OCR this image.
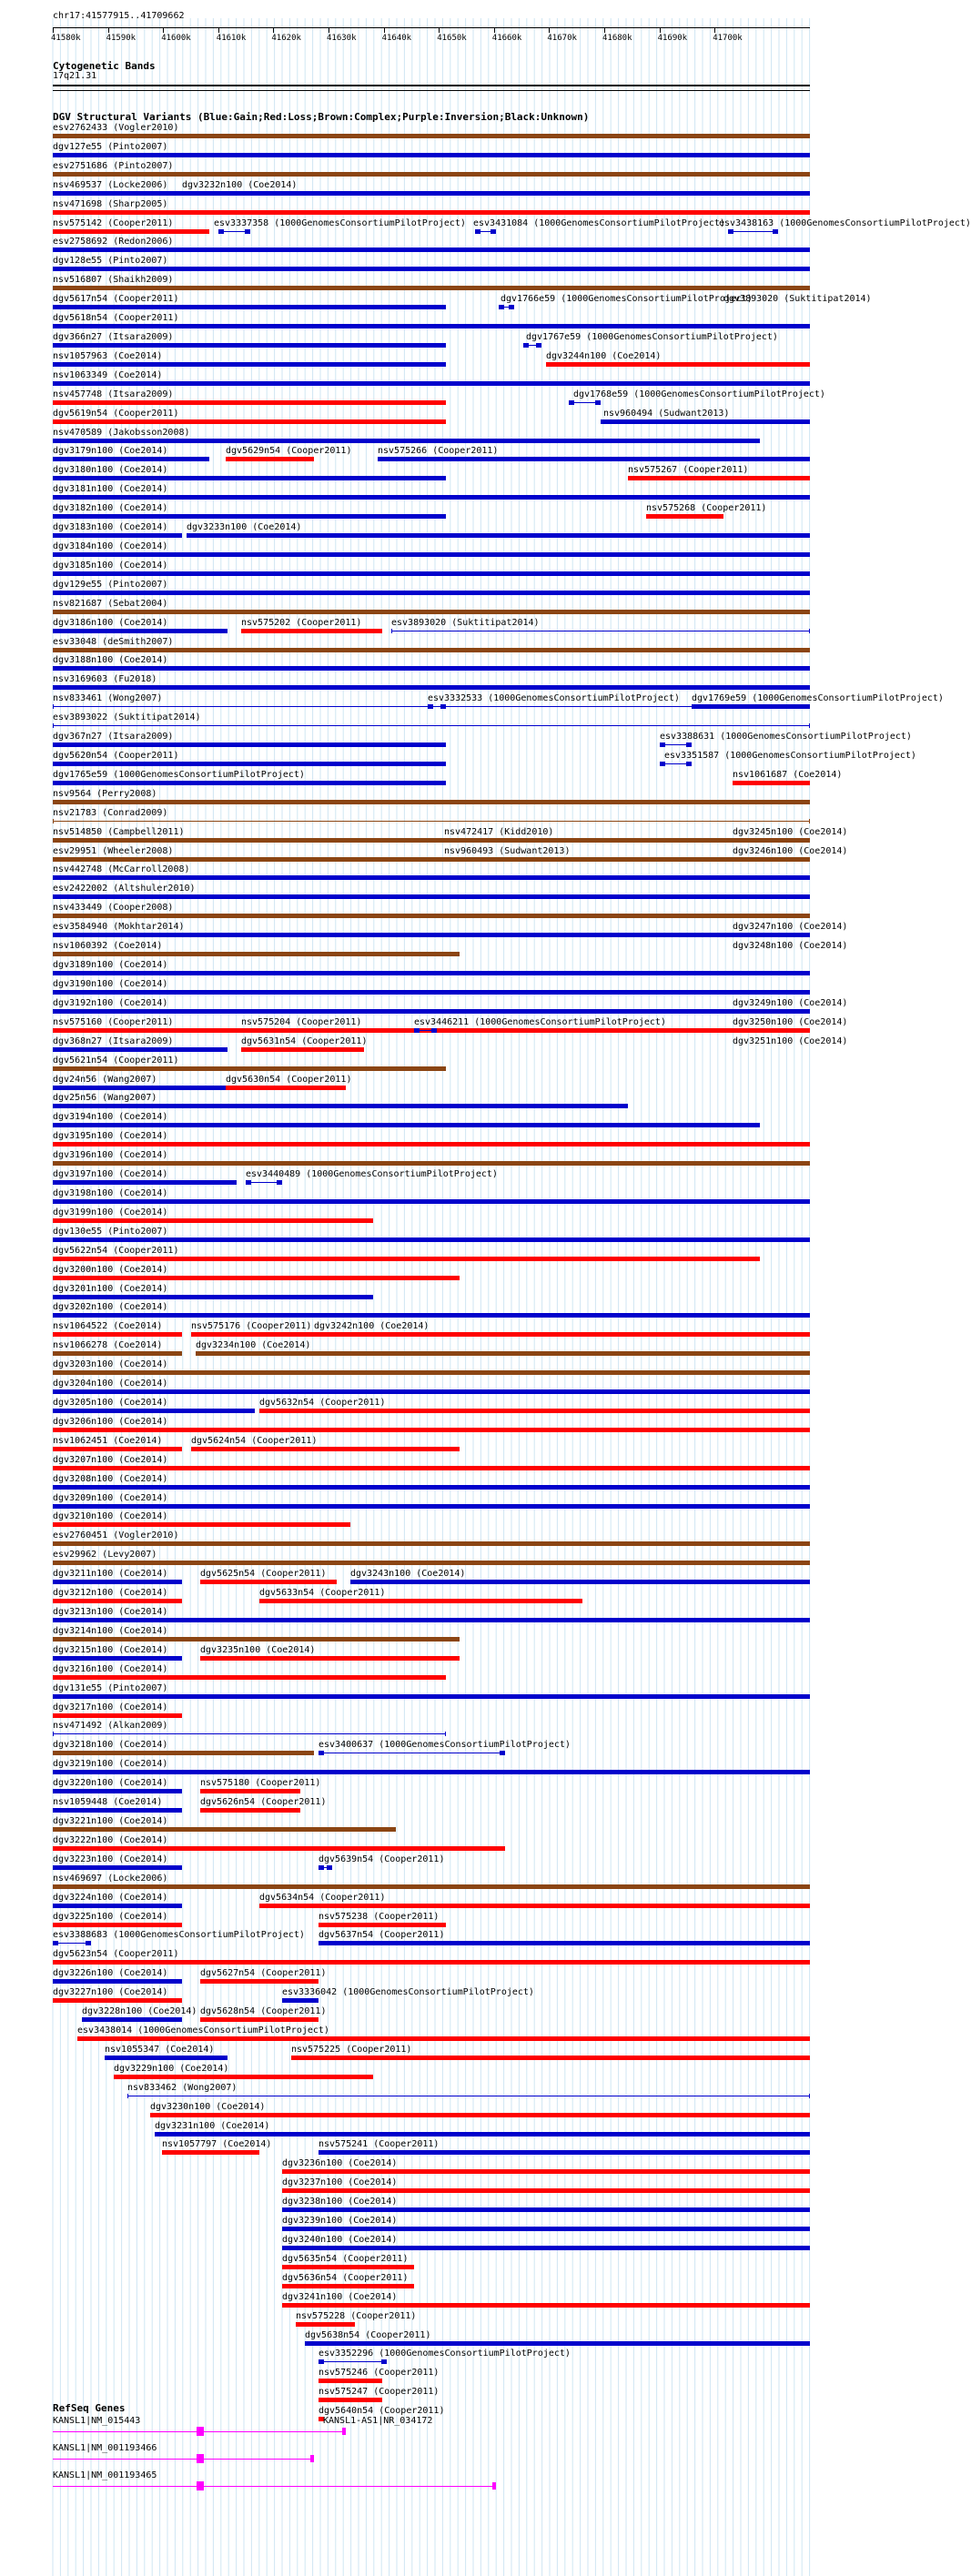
chr17:41577915..41709662
41580k	41590k	41600k	41610k	41620k	41630k	41640k	41650k	41660k	41670k	41680k	41690k	41700k
Cytogenetic Bands
17q21.31
DGV Structural Variants (Blue:Gain;Red:Loss;Brown:Complex;Purple:Inversion;Black:Unknown)
esv2762433 (Vogler2010)
dgv127e55 (Pinto2007)
esv2751686 (Pinto2007)
nsv469537 (Locke2006) dgv3232n100 (Coe2014)
nsv471698 (Sharp2005)
nsv575142 (Cooper2011)	esv3337358 (1000GenomesConsortiumPilotProject) esv3431084 (1000GenomesConsortiumPilotProject)
esv3438163 (1000GenomesConsortiumPilotProject)
esv2758692 (Redon2006)
dgv128e55 (Pinto2007)
nsv516807 (Shaikh2009)
dgv5617n54 (Cooper2011)	dgv1766e59 (1000GenomesConsortiumPilotProject)
dgv3893020 (Suktitipat2014)
dgv5618n54 (Cooper2011)
dgv366n27 (Itsara2009)	dgv1767e59 (1000GenomesConsortiumPilotProject)
nsv1057963 (Coe2014)	dgv3244n100 (Coe2014)
nsv1063349 (Coe2014)
nsv457748 (Itsara2009)	dgv1768e59 (1000GenomesConsortiumPilotProject)
dgv5619n54 (Cooper2011)	nsv960494 (Sudwant2013)
nsv470589 (Jakobsson2008)
dgv3179n100 (Coe2014)	dgv5629n54 (Cooper2011)	nsv575266 (Cooper2011)
dgv3180n100 (Coe2014)	nsv575267 (Cooper2011)
dgv3181n100 (Coe2014)
dgv3182n100 (Coe2014)	nsv575268 (Cooper2011)
dgv3183n100 (Coe2014) dgv3233n100 (Coe2014)
dgv3184n100 (Coe2014)
dgv3185n100 (Coe2014)
dgv129e55 (Pinto2007)
nsv821687 (Sebat2004)
dgv3186n100 (Coe2014)	nsv575202 (Cooper2011)	esv3893020 (Suktitipat2014)
esv33048 (deSmith2007)
dgv3188n100 (Coe2014)
nsv3169603 (Fu2018)
nsv833461 (Wong2007)	esv3332533 (1000GenomesConsortiumPilotProject) dgv1769e59 (1000GenomesConsortiumPilotProject)
esv3893022 (Suktitipat2014)
dgv367n27 (Itsara2009)	esv3388631 (1000GenomesConsortiumPilotProject)
dgv5620n54 (Cooper2011)	esv3351587 (1000GenomesConsortiumPilotProject)
dgv1765e59 (1000GenomesConsortiumPilotProject)	nsv1061687 (Coe2014)
nsv9564 (Perry2008)
nsv21783 (Conrad2009)
nsv514850 (Campbell2011)	nsv472417 (Kidd2010)	dgv3245n100 (Coe2014)
esv29951 (Wheeler2008)	nsv960493 (Sudwant2013)	dgv3246n100 (Coe2014)
nsv442748 (McCarroll2008)
esv2422002 (Altshuler2010)
nsv433449 (Cooper2008)
esv3584940 (Mokhtar2014)	dgv3247n100 (Coe2014)
nsv1060392 (Coe2014)	dgv3248n100 (Coe2014)
dgv3189n100 (Coe2014)
dgv3190n100 (Coe2014)
dgv3192n100 (Coe2014)	dgv3249n100 (Coe2014)
nsv575160 (Cooper2011)	nsv575204 (Cooper2011)	esv3446211 (1000GenomesConsortiumPilotProject)	dgv3250n100 (Coe2014)
dgv368n27 (Itsara2009)	dgv5631n54 (Cooper2011)	dgv3251n100 (Coe2014)
dgv5621n54 (Cooper2011)
dgv24n56 (Wang2007)	dgv5630n54 (Cooper2011)
dgv25n56 (Wang2007)
dgv3194n100 (Coe2014)
dgv3195n100 (Coe2014)
dgv3196n100 (Coe2014)
dgv3197n100 (Coe2014)	esv3440489 (1000GenomesConsortiumPilotProject)
dgv3198n100 (Coe2014)
dgv3199n100 (Coe2014)
dgv130e55 (Pinto2007)
dgv5622n54 (Cooper2011)
dgv3200n100 (Coe2014)
dgv3201n100 (Coe2014)
dgv3202n100 (Coe2014)
nsv1064522 (Coe2014)	nsv575176 (Cooper2011) dgv3242n100 (Coe2014)
nsv1066278 (Coe2014)	dgv3234n100 (Coe2014)
dgv3203n100 (Coe2014)
dgv3204n100 (Coe2014)
dgv3205n100 (Coe2014)	dgv5632n54 (Cooper2011)
dgv3206n100 (Coe2014)
nsv1062451 (Coe2014)	dgv5624n54 (Cooper2011)
dgv3207n100 (Coe2014)
dgv3208n100 (Coe2014)
dgv3209n100 (Coe2014)
dgv3210n100 (Coe2014)
esv2760451 (Vogler2010)
esv29962 (Levy2007)
dgv3211n100 (Coe2014)	dgv5625n54 (Cooper2011)	dgv3243n100 (Coe2014)
dgv3212n100 (Coe2014)	dgv5633n54 (Cooper2011)
dgv3213n100 (Coe2014)
dgv3214n100 (Coe2014)
dgv3215n100 (Coe2014)	dgv3235n100 (Coe2014)
dgv3216n100 (Coe2014)
dgv131e55 (Pinto2007)
dgv3217n100 (Coe2014)
nsv471492 (Alkan2009)
dgv3218n100 (Coe2014)	esv3400637 (1000GenomesConsortiumPilotProject)
dgv3219n100 (Coe2014)
dgv3220n100 (Coe2014)	nsv575180 (Cooper2011)
nsv1059448 (Coe2014)	dgv5626n54 (Cooper2011)
dgv3221n100 (Coe2014)
dgv3222n100 (Coe2014)
dgv3223n100 (Coe2014)	dgv5639n54 (Cooper2011)
nsv469697 (Locke2006)
dgv3224n100 (Coe2014)	dgv5634n54 (Cooper2011)
dgv3225n100 (Coe2014)	nsv575238 (Cooper2011)
esv3388683 (1000GenomesConsortiumPilotProject) dgv5637n54 (Cooper2011)
dgv5623n54 (Cooper2011)
dgv3226n100 (Coe2014)	dgv5627n54 (Cooper2011)
dgv3227n100 (Coe2014)	esv3336042 (1000GenomesConsortiumPilotProject)
dgv3228n100 (Coe2014) dgv5628n54 (Cooper2011)
esv3438014 (1000GenomesConsortiumPilotProject)
nsv1055347 (Coe2014)	nsv575225 (Cooper2011)
dgv3229n100 (Coe2014)
nsv833462 (Wong2007)
dgv3230n100 (Coe2014)
dgv3231n100 (Coe2014)
nsv1057797 (Coe2014)	nsv575241 (Cooper2011)
dgv3236n100 (Coe2014)
dgv3237n100 (Coe2014)
dgv3238n100 (Coe2014)
dgv3239n100 (Coe2014)
dgv3240n100 (Coe2014)
dgv5635n54 (Cooper2011)
dgv5636n54 (Cooper2011)
dgv3241n100 (Coe2014)
nsv575228 (Cooper2011)
dgv5638n54 (Cooper2011)
esv3352296 (1000GenomesConsortiumPilotProject)
nsv575246 (Cooper2011)
nsv575247 (Cooper2011)
dgv5640n54 (Cooper2011)
RefSeq Genes
KANSL1|NM_015443	KANSL1-AS1|NR_034172
KANSL1|NM_001193466
KANSL1|NM_001193465
